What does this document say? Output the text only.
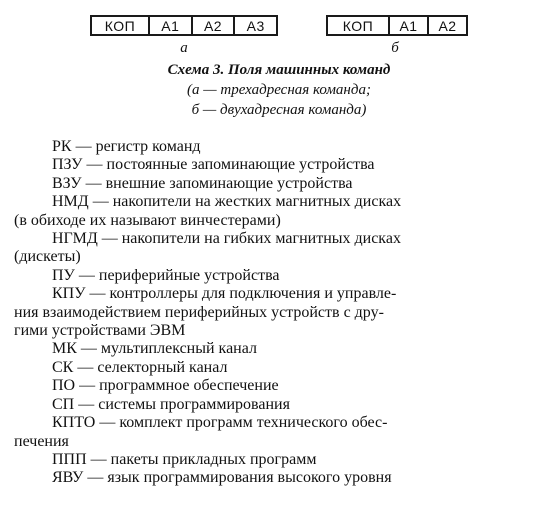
КОП	А1	А2	А3
а
КОП	А1	А2
б
Схема 3. Поля машинных команд
(а — трехадресная команда;
б — двухадресная команда)
РК — регистр команд
ПЗУ — постоянные запоминающие устройства
ВЗУ — внешние запоминающие устройства
НМД — накопители на жестких магнитных дисках
(в обиходе их называют винчестерами)
НГМД — накопители на гибких магнитных дисках
(дискеты)
ПУ — периферийные устройства
КПУ — контроллеры для подключения и управле-
ния взаимодействием периферийных устройств с дру-
гими устройствами ЭВМ
МК — мультиплексный канал
СК — селекторный канал
ПО — программное обеспечение
СП — системы программирования
КПТО — комплект программ технического обес-
печения
ППП — пакеты прикладных программ
ЯВУ — язык программирования высокого уровня
